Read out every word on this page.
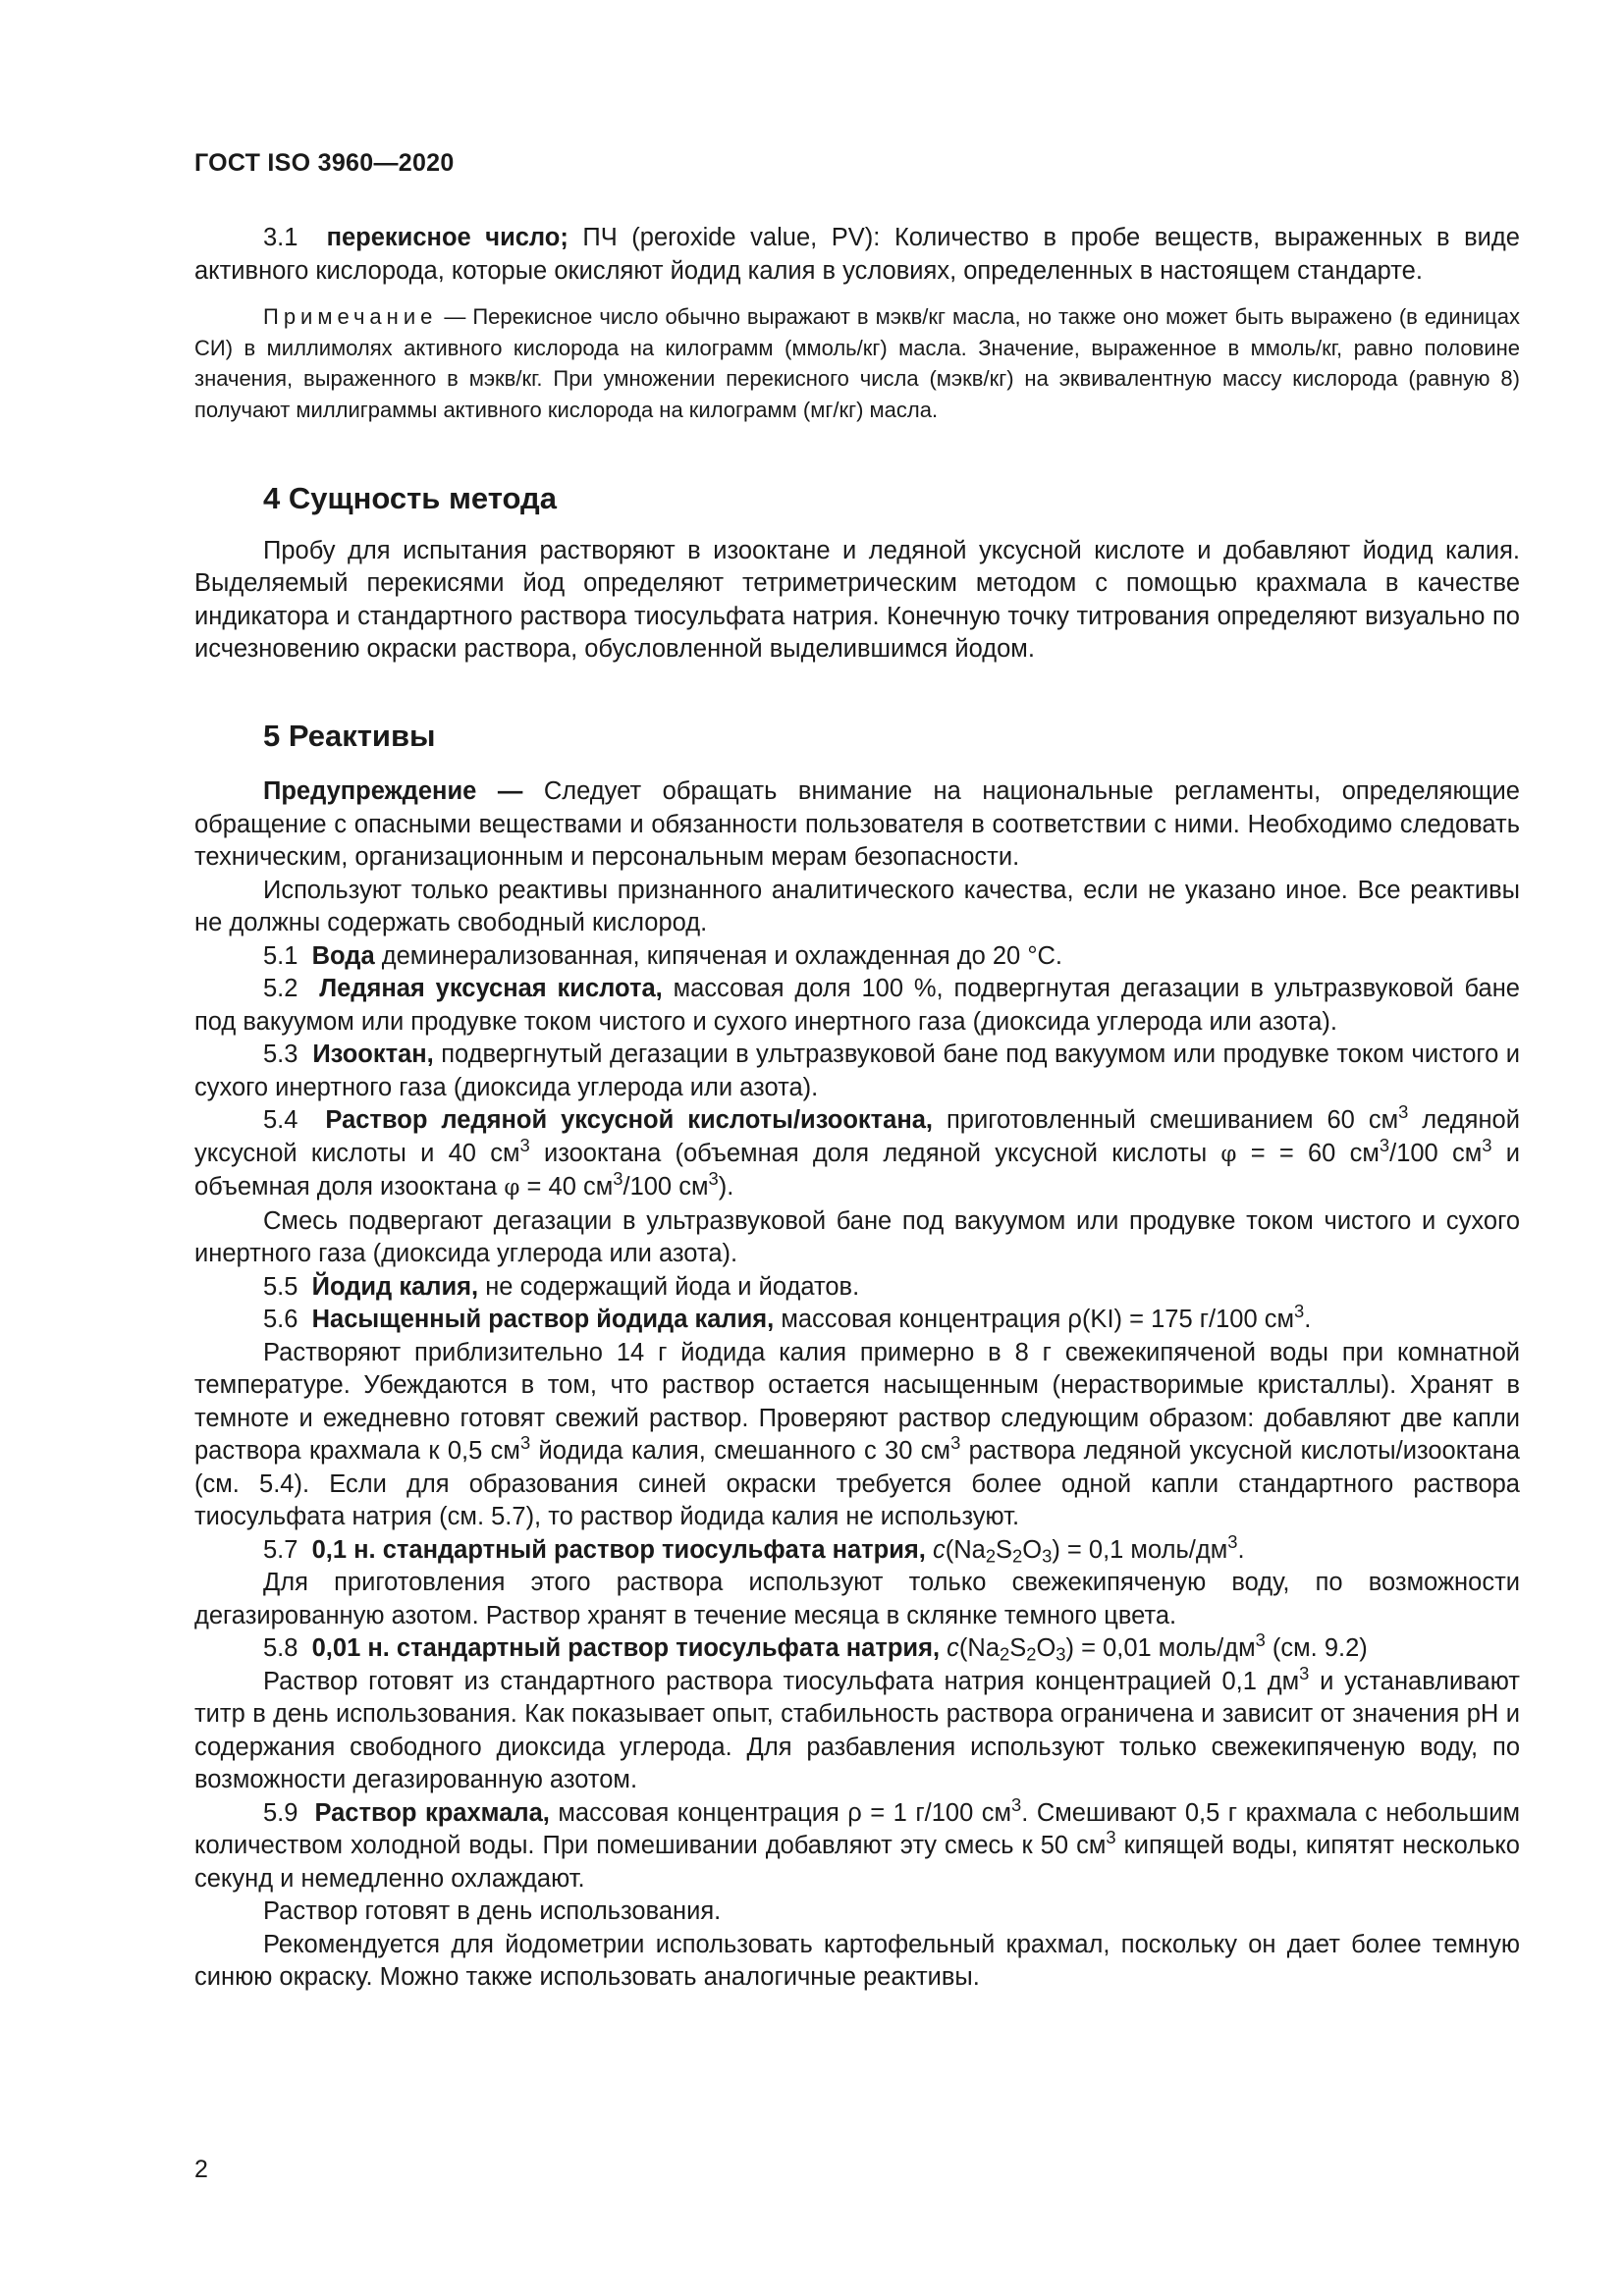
ГОСТ ISO 3960—2020

3.1 перекисное число; ПЧ (peroxide value, PV): Количество в пробе веществ, выраженных в виде активного кислорода, которые окисляют йодид калия в условиях, определенных в настоящем стандарте.

Примечание — Перекисное число обычно выражают в мэкв/кг масла, но также оно может быть выражено (в единицах СИ) в миллимолях активного кислорода на килограмм (ммоль/кг) масла. Значение, выраженное в ммоль/кг, равно половине значения, выраженного в мэкв/кг. При умножении перекисного числа (мэкв/кг) на эквивалентную массу кислорода (равную 8) получают миллиграммы активного кислорода на килограмм (мг/кг) масла.

4 Сущность метода

Пробу для испытания растворяют в изооктане и ледяной уксусной кислоте и добавляют йодид калия. Выделяемый перекисями йод определяют тетриметрическим методом с помощью крахмала в качестве индикатора и стандартного раствора тиосульфата натрия. Конечную точку титрования определяют визуально по исчезновению окраски раствора, обусловленной выделившимся йодом.

5 Реактивы

Предупреждение — Следует обращать внимание на национальные регламенты, определяющие обращение с опасными веществами и обязанности пользователя в соответствии с ними. Необходимо следовать техническим, организационным и персональным мерам безопасности.

Используют только реактивы признанного аналитического качества, если не указано иное. Все реактивы не должны содержать свободный кислород.

5.1 Вода деминерализованная, кипяченая и охлажденная до 20 °С.

5.2 Ледяная уксусная кислота, массовая доля 100 %, подвергнутая дегазации в ультразвуковой бане под вакуумом или продувке током чистого и сухого инертного газа (диоксида углерода или азота).

5.3 Изооктан, подвергнутый дегазации в ультразвуковой бане под вакуумом или продувке током чистого и сухого инертного газа (диоксида углерода или азота).

5.4 Раствор ледяной уксусной кислоты/изооктана, приготовленный смешиванием 60 $см^3$ ледяной уксусной кислоты и 40 $см^3$ изооктана (объемная доля ледяной уксусной кислоты φ = = 60 $см^3/100$ $см^3$ и объемная доля изооктана φ = 40 $см^3/100$ $см^3$).

Смесь подвергают дегазации в ультразвуковой бане под вакуумом или продувке током чистого и сухого инертного газа (диоксида углерода или азота).

5.5 Йодид калия, не содержащий йода и йодатов.

5.6 Насыщенный раствор йодида калия, массовая концентрация ρ(KI) = 175 г/100 $см^3$.

Растворяют приблизительно 14 г йодида калия примерно в 8 г свежекипяченой воды при комнатной температуре. Убеждаются в том, что раствор остается насыщенным (нерастворимые кристаллы). Хранят в темноте и ежедневно готовят свежий раствор. Проверяют раствор следующим образом: добавляют две капли раствора крахмала к 0,5 $см^3$ йодида калия, смешанного с 30 $см^3$ раствора ледяной уксусной кислоты/изооктана (см. 5.4). Если для образования синей окраски требуется более одной капли стандартного раствора тиосульфата натрия (см. 5.7), то раствор йодида калия не используют.

5.7 0,1 н. стандартный раствор тиосульфата натрия, $c(Na_2S_2O_3) = 0,1$ моль/$дм^3$.

Для приготовления этого раствора используют только свежекипяченую воду, по возможности дегазированную азотом. Раствор хранят в течение месяца в склянке темного цвета.

5.8 0,01 н. стандартный раствор тиосульфата натрия, $c(Na_2S_2O_3) = 0,01$ моль/$дм^3$ (см. 9.2)

Раствор готовят из стандартного раствора тиосульфата натрия концентрацией 0,1 $дм^3$ и устанавливают титр в день использования. Как показывает опыт, стабильность раствора ограничена и зависит от значения pH и содержания свободного диоксида углерода. Для разбавления используют только свежекипяченую воду, по возможности дегазированную азотом.

5.9 Раствор крахмала, массовая концентрация ρ = 1 г/100 $см^3$. Смешивают 0,5 г крахмала с небольшим количеством холодной воды. При помешивании добавляют эту смесь к 50 $см^3$ кипящей воды, кипятят несколько секунд и немедленно охлаждают.

Раствор готовят в день использования.

Рекомендуется для йодометрии использовать картофельный крахмал, поскольку он дает более темную синюю окраску. Можно также использовать аналогичные реактивы.

2
